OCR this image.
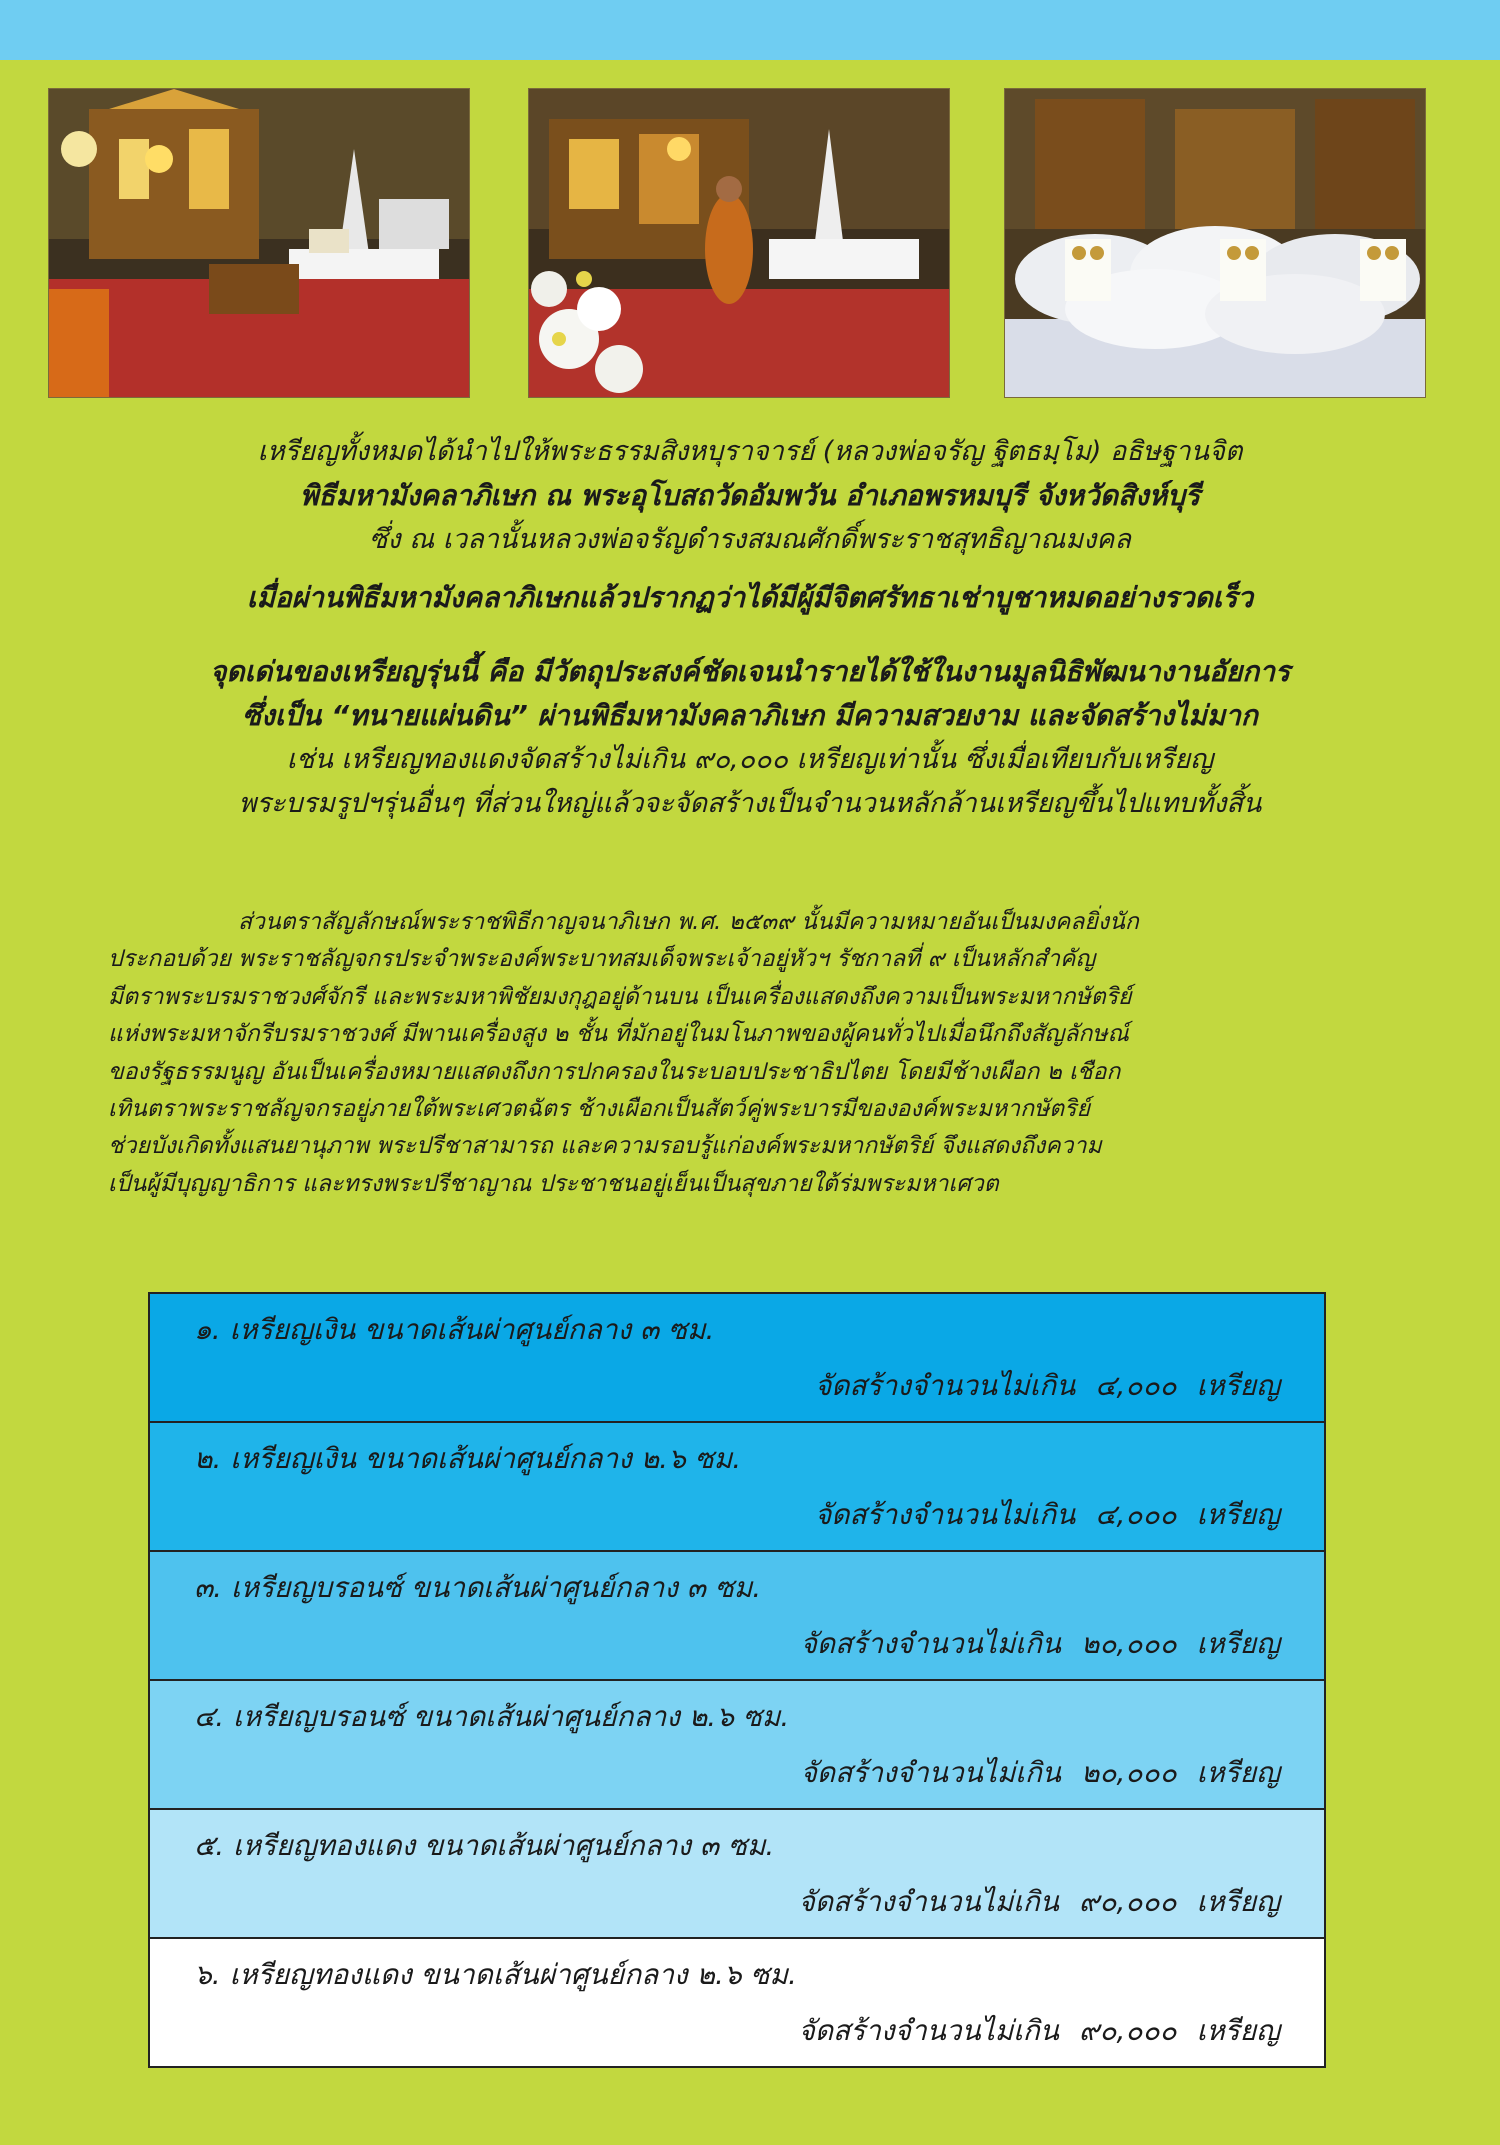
เหรียญทั้งหมดได้นำไปให้พระธรรมสิงหบุราจารย์ (หลวงพ่อจรัญ ฐิตธมฺโม) อธิษฐานจิต

พิธีมหามังคลาภิเษก ณ พระอุโบสถวัดอัมพวัน อำเภอพรหมบุรี จังหวัดสิงห์บุรี

ซึ่ง ณ เวลานั้นหลวงพ่อจรัญดำรงสมณศักดิ์พระราชสุทธิญาณมงคล

เมื่อผ่านพิธีมหามังคลาภิเษกแล้วปรากฏว่าได้มีผู้มีจิตศรัทธาเช่าบูชาหมดอย่างรวดเร็ว

จุดเด่นของเหรียญรุ่นนี้ คือ มีวัตถุประสงค์ชัดเจนนำรายได้ใช้ในงานมูลนิธิพัฒนางานอัยการ

ซึ่งเป็น “ทนายแผ่นดิน” ผ่านพิธีมหามังคลาภิเษก มีความสวยงาม และจัดสร้างไม่มาก

เช่น เหรียญทองแดงจัดสร้างไม่เกิน ๙๐,๐๐๐ เหรียญเท่านั้น ซึ่งเมื่อเทียบกับเหรียญ

พระบรมรูปฯรุ่นอื่นๆ ที่ส่วนใหญ่แล้วจะจัดสร้างเป็นจำนวนหลักล้านเหรียญขึ้นไปแทบทั้งสิ้น

ส่วนตราสัญลักษณ์พระราชพิธีกาญจนาภิเษก พ.ศ. ๒๕๓๙ นั้นมีความหมายอันเป็นมงคลยิ่งนัก

ประกอบด้วย พระราชลัญจกรประจำพระองค์พระบาทสมเด็จพระเจ้าอยู่หัวฯ รัชกาลที่ ๙ เป็นหลักสำคัญ

มีตราพระบรมราชวงศ์จักรี และพระมหาพิชัยมงกุฎอยู่ด้านบน เป็นเครื่องแสดงถึงความเป็นพระมหากษัตริย์

แห่งพระมหาจักรีบรมราชวงศ์ มีพานเครื่องสูง ๒ ชั้น ที่มักอยู่ในมโนภาพของผู้คนทั่วไปเมื่อนึกถึงสัญลักษณ์

ของรัฐธรรมนูญ อันเป็นเครื่องหมายแสดงถึงการปกครองในระบอบประชาธิปไตย โดยมีช้างเผือก ๒ เชือก

เทินตราพระราชลัญจกรอยู่ภายใต้พระเศวตฉัตร ช้างเผือกเป็นสัตว์คู่พระบารมีขององค์พระมหากษัตริย์

ช่วยบังเกิดทั้งแสนยานุภาพ พระปรีชาสามารถ และความรอบรู้แก่องค์พระมหากษัตริย์ จึงแสดงถึงความ

เป็นผู้มีบุญญาธิการ และทรงพระปรีชาญาณ ประชาชนอยู่เย็นเป็นสุขภายใต้ร่มพระมหาเศวต

๑. เหรียญเงิน ขนาดเส้นผ่าศูนย์กลาง ๓ ซม.
จัดสร้างจำนวนไม่เกิน ๔,๐๐๐ เหรียญ
๒. เหรียญเงิน ขนาดเส้นผ่าศูนย์กลาง ๒.๖ ซม.
จัดสร้างจำนวนไม่เกิน ๔,๐๐๐ เหรียญ
๓. เหรียญบรอนซ์ ขนาดเส้นผ่าศูนย์กลาง ๓ ซม.
จัดสร้างจำนวนไม่เกิน ๒๐,๐๐๐ เหรียญ
๔. เหรียญบรอนซ์ ขนาดเส้นผ่าศูนย์กลาง ๒.๖ ซม.
จัดสร้างจำนวนไม่เกิน ๒๐,๐๐๐ เหรียญ
๕. เหรียญทองแดง ขนาดเส้นผ่าศูนย์กลาง ๓ ซม.
จัดสร้างจำนวนไม่เกิน ๙๐,๐๐๐ เหรียญ
๖. เหรียญทองแดง ขนาดเส้นผ่าศูนย์กลาง ๒.๖ ซม.
จัดสร้างจำนวนไม่เกิน ๙๐,๐๐๐ เหรียญ
